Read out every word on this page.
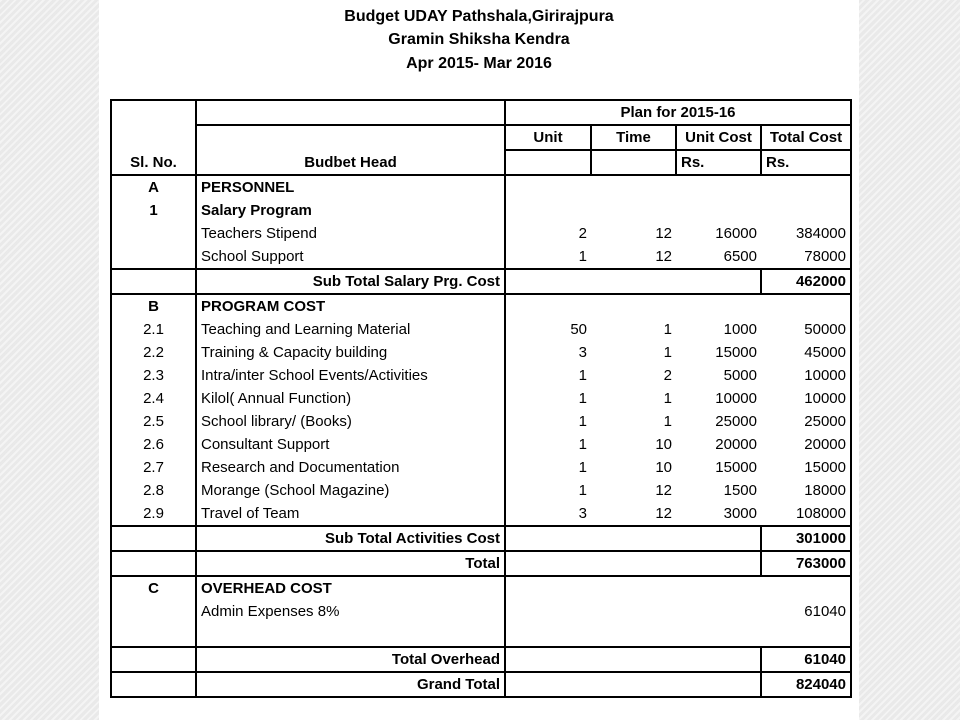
Budget UDAY Pathshala,Girirajpura
Gramin Shiksha Kendra
Apr 2015- Mar 2016
		Plan for 2015-16			
		Unit	Time	Unit Cost	Total Cost
Sl. No.	Budbet Head			Rs.	Rs.
A	PERSONNEL				
1	Salary Program				
	Teachers Stipend	2	12	16000	384000
	School Support	1	12	6500	78000
	Sub Total Salary Prg. Cost				462000
B	PROGRAM COST				
2.1	Teaching and Learning Material	50	1	1000	50000
2.2	Training & Capacity building	3	1	15000	45000
2.3	Intra/inter School Events/Activities	1	2	5000	10000
2.4	Kilol( Annual Function)	1	1	10000	10000
2.5	School library/ (Books)	1	1	25000	25000
2.6	Consultant Support	1	10	20000	20000
2.7	Research and Documentation	1	10	15000	15000
2.8	Morange (School Magazine)	1	12	1500	18000
2.9	Travel of Team	3	12	3000	108000
	Sub Total Activities Cost				301000
	Total				763000
C	OVERHEAD COST				
	Admin Expenses 8%				61040

	Total Overhead				61040
	Grand Total				824040
